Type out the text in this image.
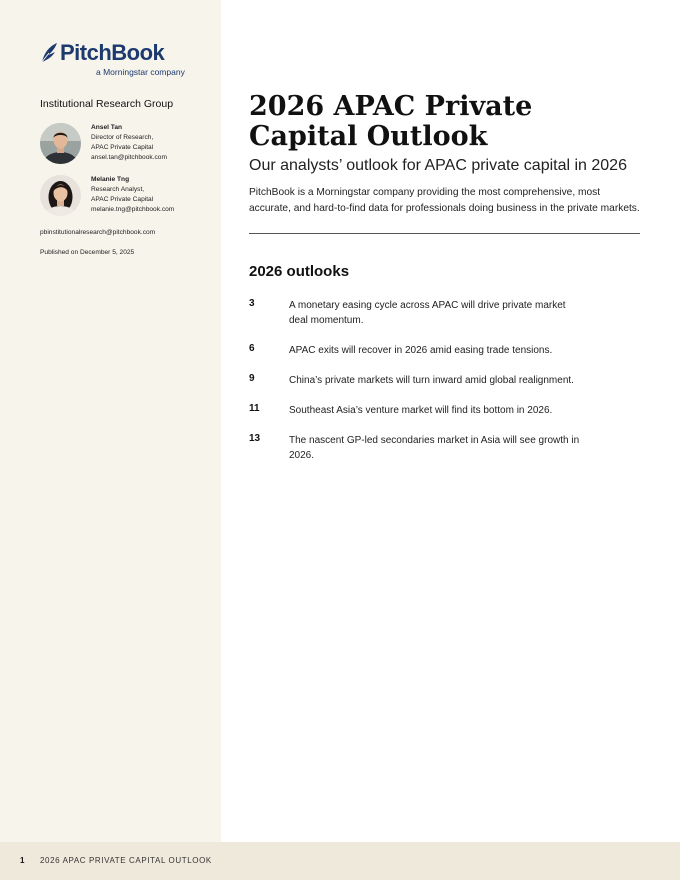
PitchBook
a Morningstar company
Institutional Research Group
Ansel Tan
Director of Research,
APAC Private Capital
ansel.tan@pitchbook.com
Melanie Tng
Research Analyst,
APAC Private Capital
melanie.tng@pitchbook.com
pbinstitutionalresearch@pitchbook.com
Published on December 5, 2025
2026 APAC Private
Capital Outlook
Our analysts’ outlook for APAC private capital in 2026

PitchBook is a Morningstar company providing the most comprehensive, most accurate, and hard-to-find data for professionals doing business in the private markets.

2026 outlooks
3	A monetary easing cycle across APAC will drive private market
deal momentum.
6	APAC exits will recover in 2026 amid easing trade tensions.
9	China’s private markets will turn inward amid global realignment.
11	Southeast Asia’s venture market will find its bottom in 2026.
13	The nascent GP-led secondaries market in Asia will see growth in 2026.
1 2026 APAC PRIVATE CAPITAL OUTLOOK
